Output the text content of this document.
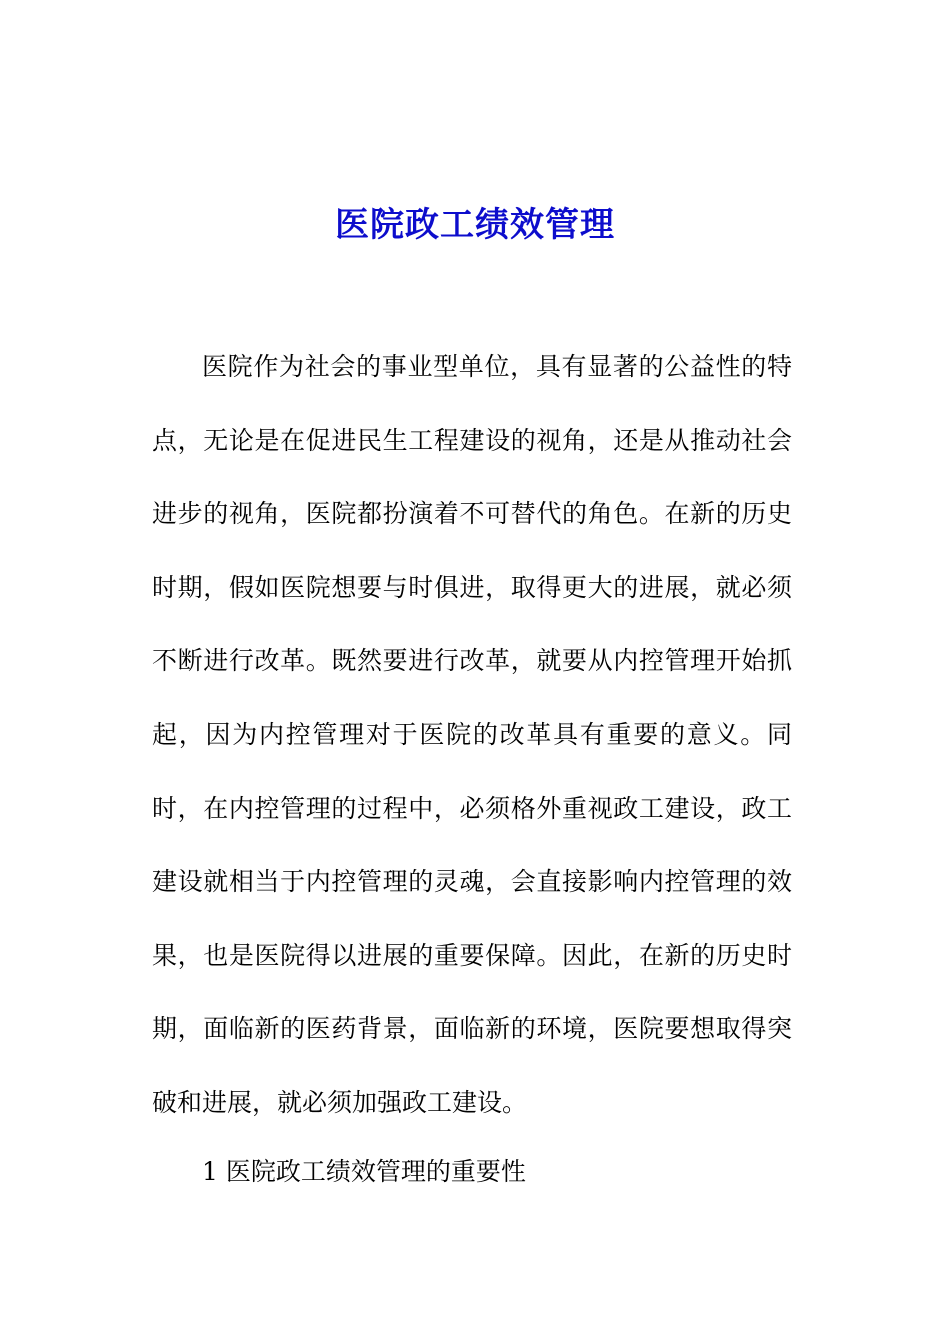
医院政工绩效管理

医院作为社会的事业型单位，具有显著的公益性的特点，无论是在促进民生工程建设的视角，还是从推动社会进步的视角，医院都扮演着不可替代的角色。在新的历史时期，假如医院想要与时俱进，取得更大的进展，就必须不断进行改革。既然要进行改革，就要从内控管理开始抓起，因为内控管理对于医院的改革具有重要的意义。同时，在内控管理的过程中，必须格外重视政工建设，政工建设就相当于内控管理的灵魂，会直接影响内控管理的效果，也是医院得以进展的重要保障。因此，在新的历史时期，面临新的医药背景，面临新的环境，医院要想取得突破和进展，就必须加强政工建设。

1 医院政工绩效管理的重要性
